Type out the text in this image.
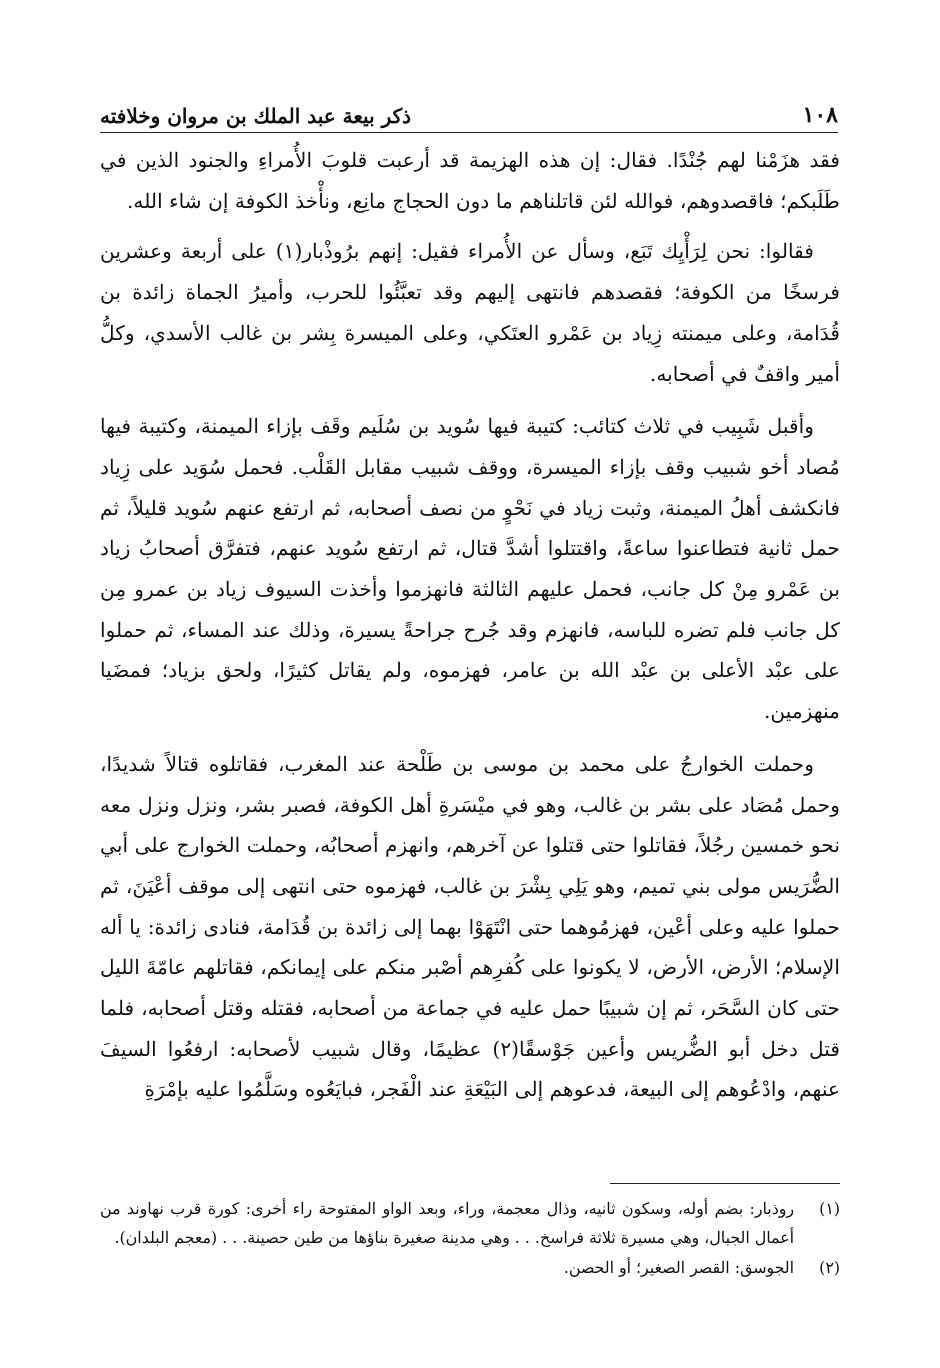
١٠٨
ذكر بيعة عبد الملك بن مروان وخلافته

فقد هزَمْنا لهم جُنْدًا. فقال: إن هذه الهزيمة قد أرعبت قلوبَ الأُمراءِ والجنود الذين في طَلَبكم؛ فاقصدوهم، فوالله لئن قاتلناهم ما دون الحجاج مانِع، ونأْخذ الكوفة إن شاء الله.

فقالوا: نحن لِرَأْيِك تَبَع، وسأل عن الأُمراء فقيل: إنهم برُوذْبار(١) على أربعة وعشرين فرسخًا من الكوفة؛ فقصدهم فانتهى إليهم وقد تعبَّئُوا للحرب، وأميرُ الجماة زائدة بن قُدَامة، وعلى ميمنته زِياد بن عَمْرو العتَكي، وعلى الميسرة بِشر بن غالب الأسدي، وكلُّ أمير واقفٌ في أصحابه.

وأقبل شَبِيب في ثلاث كتائب: كتيبة فيها سُويد بن سُلَيم وقَف بإزاء الميمنة، وكتيبة فيها مُصاد أخو شبيب وقف بإزاء الميسرة، ووقف شبيب مقابل القَلْب. فحمل سُوَيد على زِياد فانكشف أهلُ الميمنة، وثبت زياد في نَحْوٍ من نصف أصحابه، ثم ارتفع عنهم سُويد قليلاً، ثم حمل ثانية فتطاعنوا ساعةً، واقتتلوا أشدَّ قتال، ثم ارتفع سُويد عنهم، فتفرَّق أصحابُ زياد بن عَمْرو مِنْ كل جانب، فحمل عليهم الثالثة فانهزموا وأخذت السيوف زياد بن عمرو مِن كل جانب فلم تضره للباسه، فانهزم وقد جُرح جراحةً يسيرة، وذلك عند المساء، ثم حملوا على عبْد الأعلى بن عبْد الله بن عامر، فهزموه، ولم يقاتل كثيرًا، ولحق بزياد؛ فمضَيا منهزمين.

وحملت الخوارجُ على محمد بن موسى بن طَلْحة عند المغرب، فقاتلوه قتالاً شديدًا، وحمل مُصَاد على بشر بن غالب، وهو في ميْسَرةِ أهل الكوفة، فصبر بشر، ونزل ونزل معه نحو خمسين رجُلاً، فقاتلوا حتى قتلوا عن آخرهم، وانهزم أصحابُه، وحملت الخوارج على أبي الضُّرَيس مولى بني تميم، وهو يَلِي بِشْرَ بن غالب، فهزموه حتى انتهى إلى موقف أعْيَنَ، ثم حملوا عليه وعلى أعْين، فهزمُوهما حتى انْتَهَوْا بهما إلى زائدة بن قُدَامة، فنادى زائدة: يا أله الإسلام؛ الأرض، الأرض، لا يكونوا على كُفرِهم أصْبر منكم على إيمانكم، فقاتلهم عامّةَ الليل حتى كان السَّحَر، ثم إن شبيبًا حمل عليه في جماعة من أصحابه، فقتله وقتل أصحابه، فلما قتل دخل أبو الضُّريس وأعين جَوْسقًا(٢) عظيمًا، وقال شبيب لأصحابه: ارفعُوا السيفَ عنهم، وادْعُوهم إلى البيعة، فدعوهم إلى البَيْعَةِ عند الْفَجر، فبايَعُوه وسَلَّمُوا عليه بإمْرَةِ

(١)
روذبار: بضم أوله، وسكون ثانيه، وذال معجمة، وراء، وبعد الواو المفتوحة راء أخرى: كورة قرب نهاوند من أعمال الجبال، وهي مسيرة ثلاثة فراسخ. . . وهي مدينة صغيرة بناؤها من طين حصينة. . . (معجم البلدان).
(٢)
الجوسق: القصر الصغير؛ أو الحصن.
